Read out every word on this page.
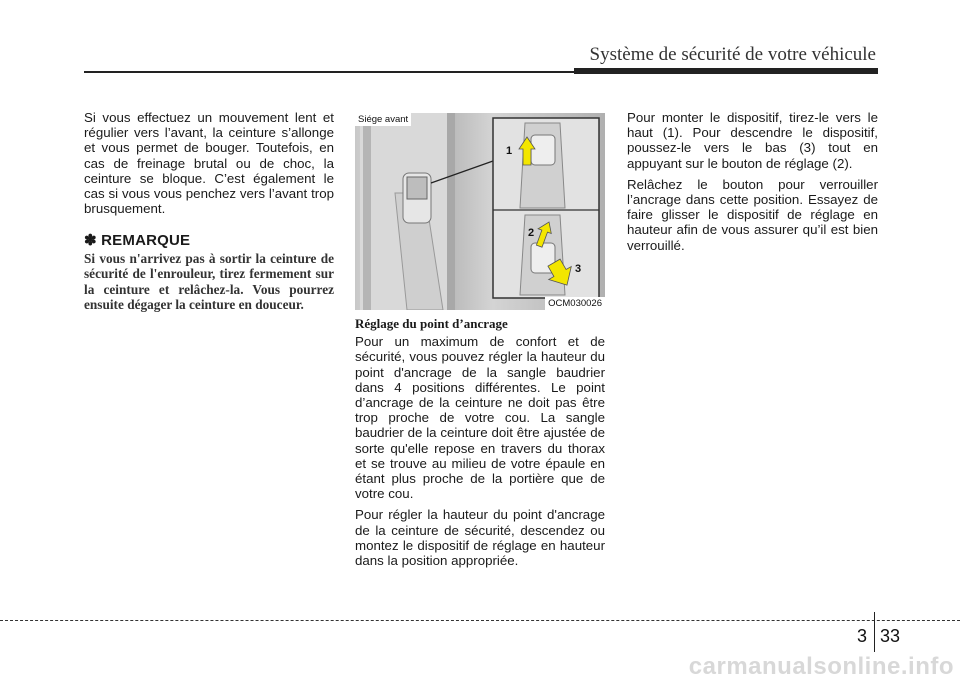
Système de sécurité de votre véhicule

Si vous effectuez un mouvement lent et régulier vers l’avant, la ceinture s’allonge et vous permet de bouger. Toutefois, en cas de freinage brutal ou de choc, la ceinture se bloque. C’est également le cas si vous vous penchez vers l’avant trop brusquement.

✽ REMARQUE

Si vous n'arrivez pas à sortir la ceinture de sécurité de l'enrouleur, tirez fermement sur la ceinture et relâchez-la. Vous pourrez ensuite dégager la ceinture en douceur.

Siége avant
1
2
3
OCM030026
Réglage du point d’ancrage

Pour un maximum de confort et de sécurité, vous pouvez régler la hauteur du point d'ancrage de la sangle baudrier dans 4 positions différentes. Le point d’ancrage de la ceinture ne doit pas être trop proche de votre cou. La sangle baudrier de la ceinture doit être ajustée de sorte qu'elle repose en travers du thorax et se trouve au milieu de votre épaule en étant plus proche de la portière que de votre cou.

Pour régler la hauteur du point d'ancrage de la ceinture de sécurité, descendez ou montez le dispositif de réglage en hauteur dans la position appropriée.

Pour monter le dispositif, tirez-le vers le haut (1). Pour descendre le dispositif, poussez-le vers le bas (3) tout en appuyant sur le bouton de réglage (2).

Relâchez le bouton pour verrouiller l’ancrage dans cette position. Essayez de faire glisser le dispositif de réglage en hauteur afin de vous assurer qu’il est bien verrouillé.

3 33
carmanualsonline.info
